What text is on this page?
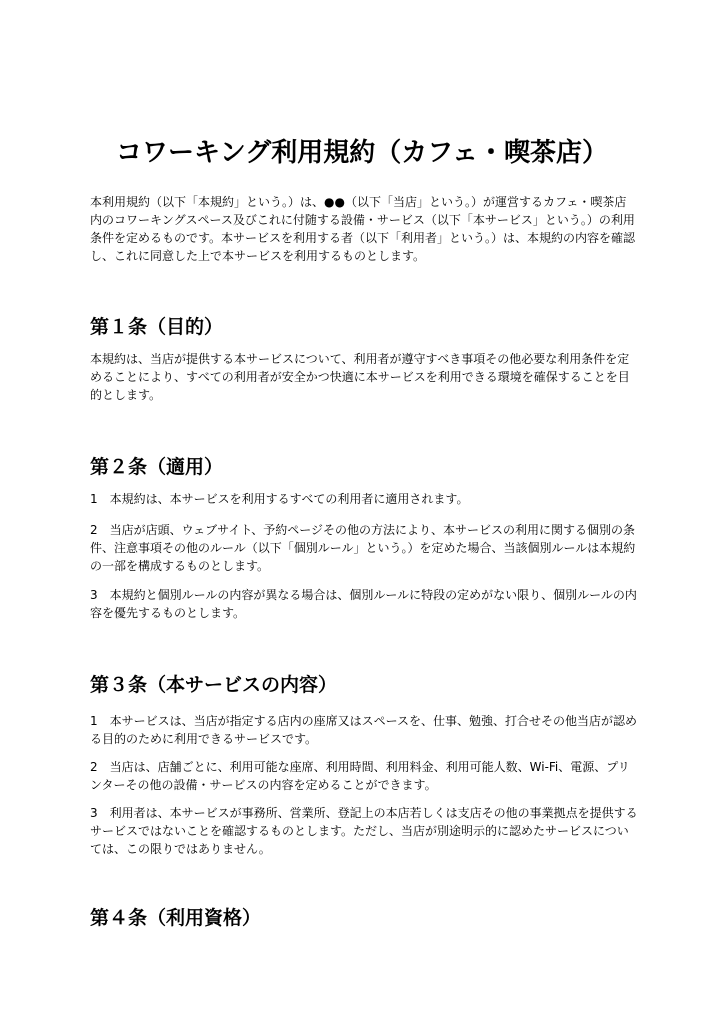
コワーキング利用規約（カフェ・喫茶店）

本利用規約（以下「本規約」という。）は、●●（以下「当店」という。）が運営するカフェ・喫茶店内のコワーキングスペース及びこれに付随する設備・サービス（以下「本サービス」という。）の利用条件を定めるものです。本サービスを利用する者（以下「利用者」という。）は、本規約の内容を確認し、これに同意した上で本サービスを利用するものとします。

第１条（目的）

本規約は、当店が提供する本サービスについて、利用者が遵守すべき事項その他必要な利用条件を定めることにより、すべての利用者が安全かつ快適に本サービスを利用できる環境を確保することを目的とします。

第２条（適用）

1　本規約は、本サービスを利用するすべての利用者に適用されます。

2　当店が店頭、ウェブサイト、予約ページその他の方法により、本サービスの利用に関する個別の条件、注意事項その他のルール（以下「個別ルール」という。）を定めた場合、当該個別ルールは本規約の一部を構成するものとします。

3　本規約と個別ルールの内容が異なる場合は、個別ルールに特段の定めがない限り、個別ルールの内容を優先するものとします。

第３条（本サービスの内容）

1　本サービスは、当店が指定する店内の座席又はスペースを、仕事、勉強、打合せその他当店が認める目的のために利用できるサービスです。

2　当店は、店舗ごとに、利用可能な座席、利用時間、利用料金、利用可能人数、Wi-Fi、電源、プリンターその他の設備・サービスの内容を定めることができます。

3　利用者は、本サービスが事務所、営業所、登記上の本店若しくは支店その他の事業拠点を提供するサービスではないことを確認するものとします。ただし、当店が別途明示的に認めたサービスについては、この限りではありません。

第４条（利用資格）
